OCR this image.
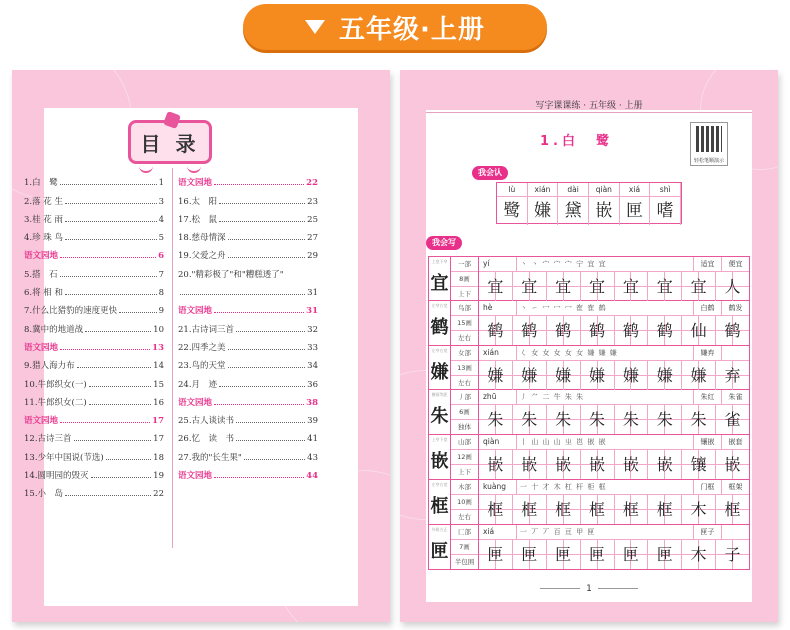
五年级·上册
目 录
1.白　鹭	1
2.落 花 生	3
3.桂 花 雨	4
4.珍 珠 鸟	5
语文园地	6
5.搭　石	7
6.将 相 和	8
7.什么比猎豹的速度更快	9
8.冀中的地道战	10
语文园地	13
9.猎人海力布	14
10.牛郎织女(一)	15
11.牛郎织女(二)	16
语文园地	17
12.古诗三首	17
13.少年中国说(节选)	18
14.圆明园的毁灭	19
15.小　岛	22
语文园地	22
16.太　阳	23
17.松　鼠	25
18.慈母情深	27
19.父爱之舟	29
20."精彩极了"和"糟糕透了"
31
语文园地	31
21.古诗词三首	32
22.四季之美	33
23.鸟的天堂	34
24.月　迹	36
语文园地	38
25.古人谈读书	39
26.忆　读　书	41
27.我的"长生果"	43
语文园地	44
写字课课练 · 五年级 · 上册
1.白　鹭
轻松笔顺演示
我会认
lù	xián	dài	qiàn	xiá	shì
鹭 嫌 黛 嵌 匣 嗜
我会写
上宽下窄
宜
一部
8画
上下
yí	丶 丶 宀 宀 宀 宁 宜 宜	适宜	便宜
宜	宜	宜	宜	宜	宜	宜	人
左窄右宽
鹤
鸟部
15画
左右
hè	丶 ㇀ 冖 冖 冖 隺 隺 鹤	白鹤	鹤发
鹤	鹤	鹤	鹤	鹤	鹤	仙	鹤
左窄右宽
嫌
女部
13画
左右
xián	𡿨 女 女 女 女 女 嫌 嫌 嫌	嫌弃
嫌	嫌	嫌	嫌	嫌	嫌	嫌	弃
横画等距
朱
丿部
6画
独体
zhū	丿 ⺈ 二 牛 朱 朱	朱红	朱雀
朱	朱	朱	朱	朱	朱	朱	雀
上窄下宽
嵌
山部
12画
上下
qiàn	丨 山 山 山 㞢 岜 嵌 嵌	镶嵌	嵌套
嵌	嵌	嵌	嵌	嵌	嵌	镶	嵌
左窄右宽
框
木部
10画
左右
kuàng	一 十 才 木 杠 杆 柜 框	门框	框架
框	框	框	框	框	框	木	框
外框方正
匣
匚部
7画
半包围
xiá	一 丆 丆 百 亘 甲 匣	匣子
匣	匣	匣	匣	匣	匣	木	子
1
